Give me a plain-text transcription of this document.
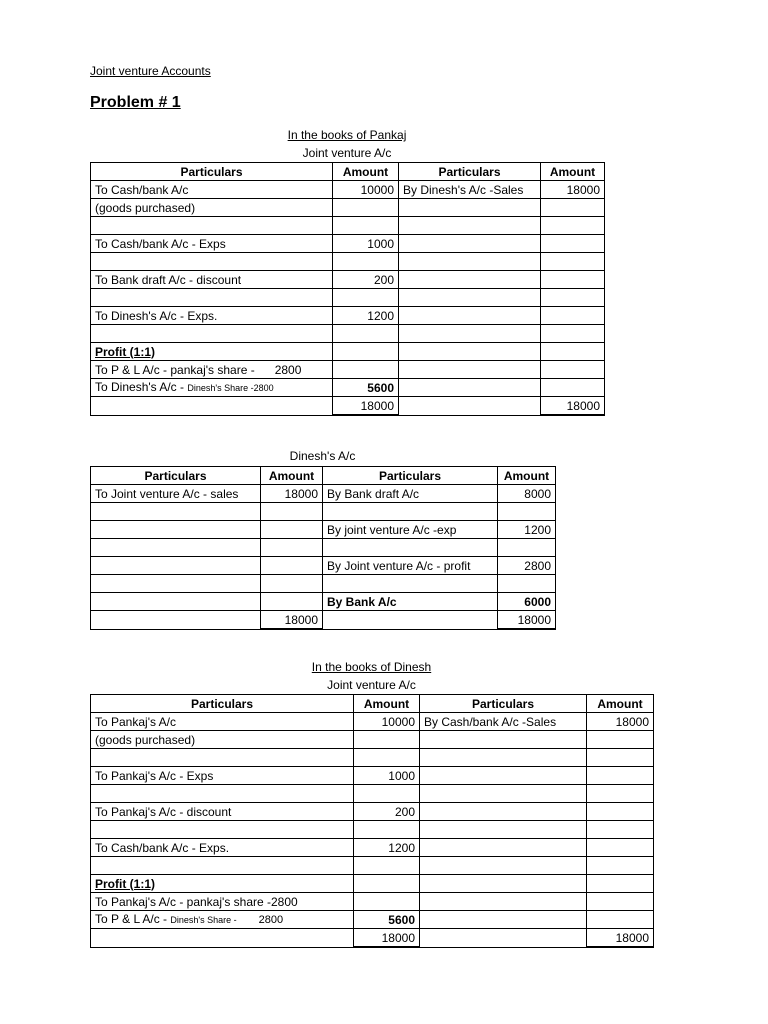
Joint venture Accounts
Problem # 1
In the books of Pankaj
Joint venture A/c
Particulars	Amount	Particulars	Amount
To Cash/bank A/c	10000	By Dinesh's A/c -Sales	18000
(goods purchased)			

To Cash/bank A/c - Exps	1000		

To Bank draft A/c - discount	200		

To Dinesh's A/c - Exps.	1200		

Profit (1:1)			
To P & L A/c - pankaj's share -      2800			
To Dinesh's A/c - Dinesh's Share -2800	5600		
	18000		18000
Dinesh's A/c
Particulars	Amount	Particulars	Amount
To Joint venture A/c - sales	18000	By Bank draft A/c	8000

		By joint venture A/c -exp	1200

		By Joint venture A/c - profit	2800

		By Bank A/c	6000
	18000		18000
In the books of Dinesh
Joint venture A/c
Particulars	Amount	Particulars	Amount
To Pankaj's A/c	10000	By Cash/bank A/c -Sales	18000
(goods purchased)			

To Pankaj's A/c - Exps	1000		

To Pankaj's A/c - discount	200		

To Cash/bank A/c - Exps.	1200		

Profit (1:1)			
To Pankaj's A/c - pankaj's share -2800			
To P & L A/c - Dinesh's Share - 2800	5600		
	18000		18000
